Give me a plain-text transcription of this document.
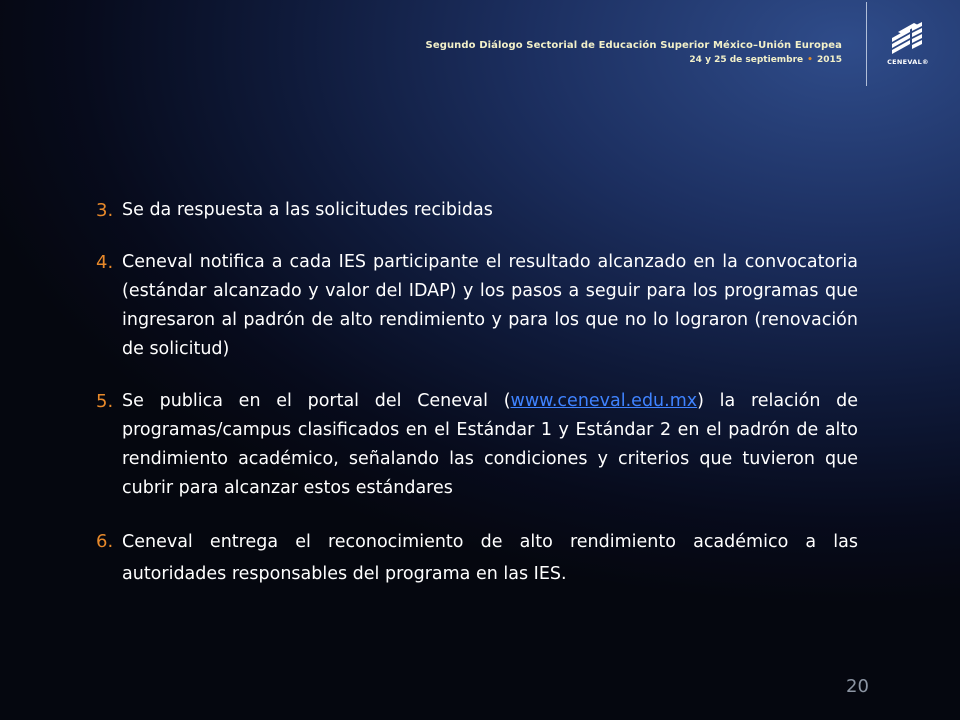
Segundo Diálogo Sectorial de Educación Superior México–Unión Europea
24 y 25 de septiembre • 2015	CENEVAL®
3. Se da respuesta a las solicitudes recibidas
4. Ceneval notifica a cada IES participante el resultado alcanzado en la convocatoria (estándar alcanzado y valor del IDAP) y los pasos a seguir para los programas que ingresaron al padrón de alto rendimiento y para los que no lo lograron (renovación de solicitud)
5. Se publica en el portal del Ceneval (www.ceneval.edu.mx) la relación de programas/campus clasificados en el Estándar 1 y Estándar 2 en el padrón de alto rendimiento académico, señalando las condiciones y criterios que tuvieron que cubrir para alcanzar estos estándares
6. Ceneval entrega el reconocimiento de alto rendimiento académico a las autoridades responsables del programa en las IES.
20
